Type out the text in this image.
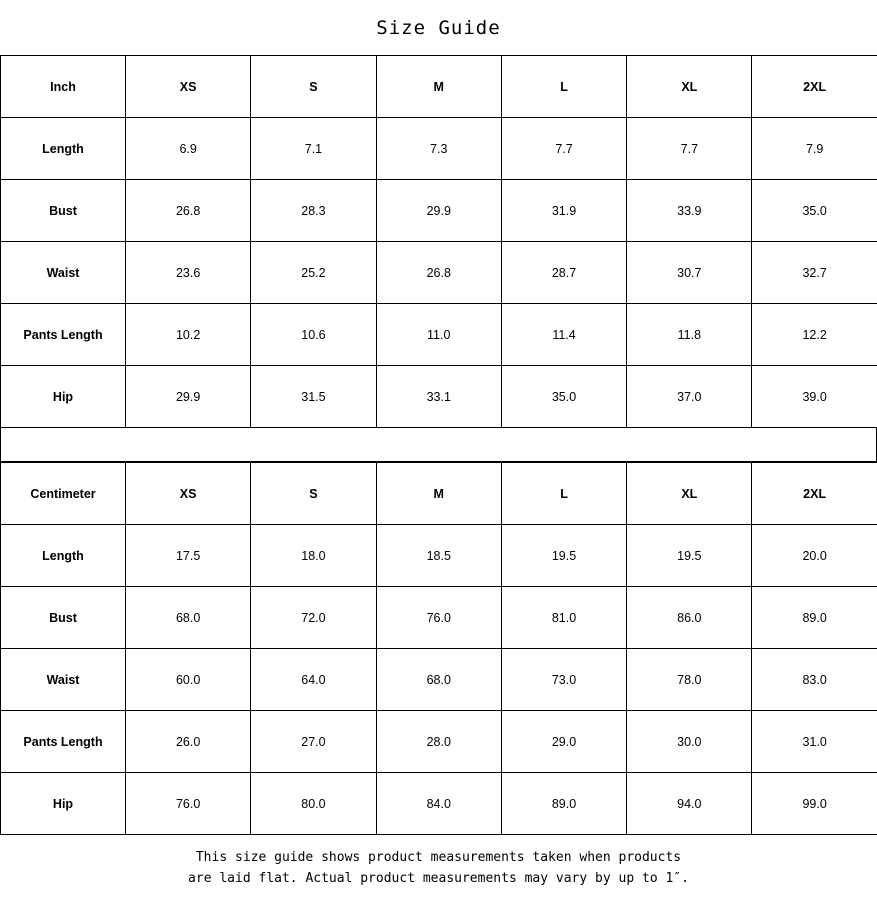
Size Guide
Inch	XS	S	M	L	XL	2XL
Length	6.9	7.1	7.3	7.7	7.7	7.9
Bust	26.8	28.3	29.9	31.9	33.9	35.0
Waist	23.6	25.2	26.8	28.7	30.7	32.7
Pants Length	10.2	10.6	11.0	11.4	11.8	12.2
Hip	29.9	31.5	33.1	35.0	37.0	39.0
Centimeter	XS	S	M	L	XL	2XL
Length	17.5	18.0	18.5	19.5	19.5	20.0
Bust	68.0	72.0	76.0	81.0	86.0	89.0
Waist	60.0	64.0	68.0	73.0	78.0	83.0
Pants Length	26.0	27.0	28.0	29.0	30.0	31.0
Hip	76.0	80.0	84.0	89.0	94.0	99.0
This size guide shows product measurements taken when products
are laid flat. Actual product measurements may vary by up to 1″.
